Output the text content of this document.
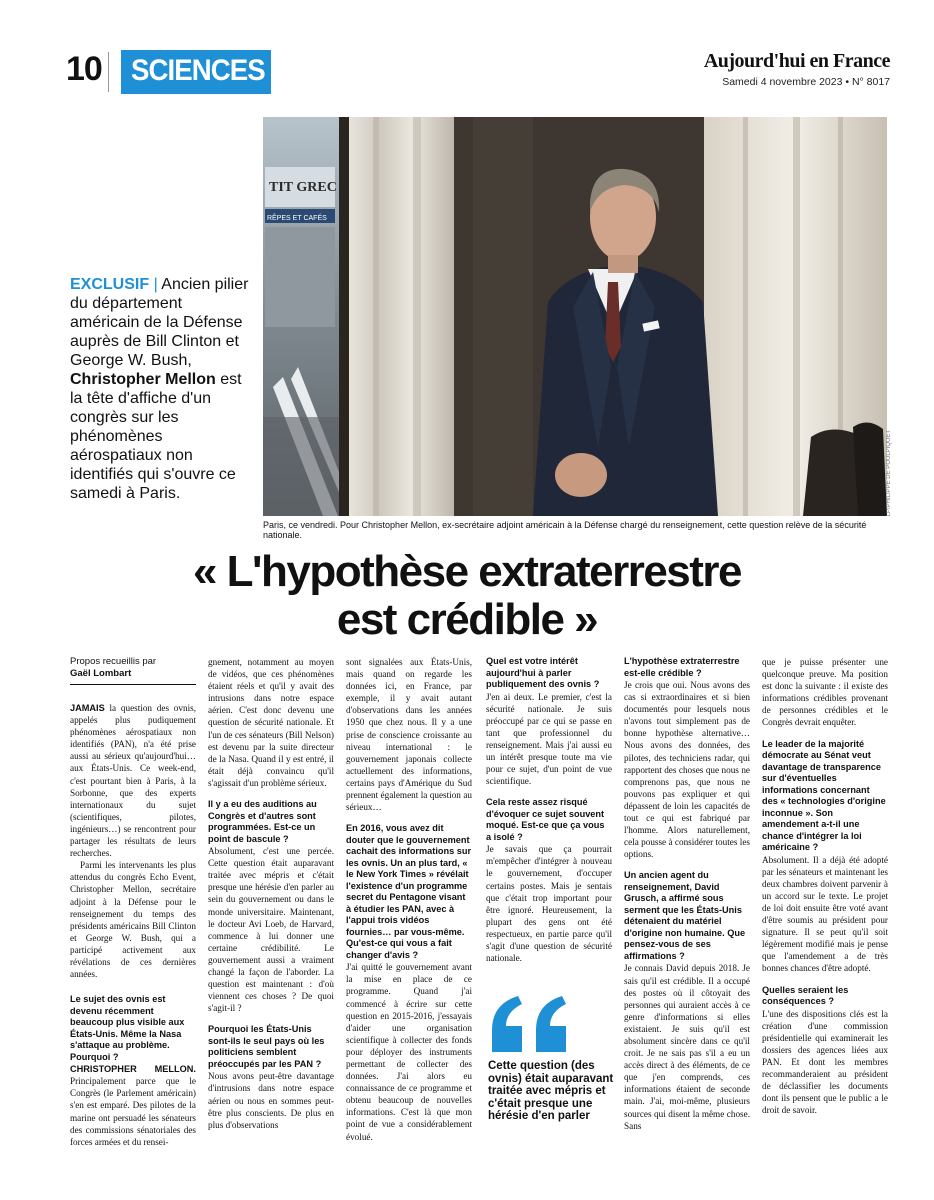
10 SCIENCES	Aujourd'hui en France
Samedi 4 novembre 2023 • N° 8017
EXCLUSIF | Ancien pilier du département américain de la Défense auprès de Bill Clinton et George W. Bush, Christopher Mellon est la tête d'affiche d'un congrès sur les phénomènes aérospatiaux non identifiés qui s'ouvre ce samedi à Paris.
TIT GREC
RÊPES ET CAFÉS
LP/PHILIPPE DE POULPIQUET
Paris, ce vendredi. Pour Christopher Mellon, ex-secrétaire adjoint américain à la Défense chargé du renseignement, cette question relève de la sécurité nationale.
« L'hypothèse extraterrestre
est crédible »
Propos recueillis par
Gaël Lombart

JAMAIS la question des ovnis, appelés plus pudiquement phénomènes aérospatiaux non identifiés (PAN), n'a été prise aussi au sérieux qu'aujourd'hui… aux États-Unis. Ce week-end, c'est pourtant bien à Paris, à la Sorbonne, que des experts internationaux du sujet (scientifiques, pilotes, ingénieurs…) se rencontrent pour partager les résultats de leurs recherches.

Parmi les intervenants les plus attendus du congrès Echo Event, Christopher Mellon, secrétaire adjoint à la Défense pour le renseignement du temps des présidents américains Bill Clinton et George W. Bush, qui a participé activement aux révélations de ces dernières années.

Le sujet des ovnis est devenu récemment beaucoup plus visible aux États-Unis. Même la Nasa s'attaque au problème. Pourquoi ?

CHRISTOPHER MELLON. Principalement parce que le Congrès (le Parlement américain) s'en est emparé. Des pilotes de la marine ont persuadé les sénateurs des commissions sénatoriales des forces armées et du rensei-

gnement, notamment au moyen de vidéos, que ces phénomènes étaient réels et qu'il y avait des intrusions dans notre espace aérien. C'est donc devenu une question de sécurité nationale. Et l'un de ces sénateurs (Bill Nelson) est devenu par la suite directeur de la Nasa. Quand il y est entré, il était déjà convaincu qu'il s'agissait d'un problème sérieux.

Il y a eu des auditions au Congrès et d'autres sont programmées. Est-ce un point de bascule ?

Absolument, c'est une percée. Cette question était auparavant traitée avec mépris et c'était presque une hérésie d'en parler au sein du gouvernement ou dans le monde universitaire. Maintenant, le docteur Avi Loeb, de Harvard, commence à lui donner une certaine crédibilité. Le gouvernement aussi a vraiment changé la façon de l'aborder. La question est maintenant : d'où viennent ces choses ? De quoi s'agit-il ?

Pourquoi les États-Unis sont-ils le seul pays où les politiciens semblent préoccupés par les PAN ?

Nous avons peut-être davantage d'intrusions dans notre espace aérien ou nous en sommes peut-être plus conscients. De plus en plus d'observations

sont signalées aux États-Unis, mais quand on regarde les données ici, en France, par exemple, il y avait autant d'observations dans les années 1950 que chez nous. Il y a une prise de conscience croissante au niveau international : le gouvernement japonais collecte actuellement des informations, certains pays d'Amérique du Sud prennent également la question au sérieux…

En 2016, vous avez dit douter que le gouvernement cachait des informations sur les ovnis. Un an plus tard, « le New York Times » révélait l'existence d'un programme secret du Pentagone visant à étudier les PAN, avec à l'appui trois vidéos fournies… par vous-même. Qu'est-ce qui vous a fait changer d'avis ?

J'ai quitté le gouvernement avant la mise en place de ce programme. Quand j'ai commencé à écrire sur cette question en 2015-2016, j'essayais d'aider une organisation scientifique à collecter des fonds pour déployer des instruments permettant de collecter des données. J'ai alors eu connaissance de ce programme et obtenu beaucoup de nouvelles informations. C'est là que mon point de vue a considérablement évolué.

Quel est votre intérêt aujourd'hui à parler publiquement des ovnis ?

J'en ai deux. Le premier, c'est la sécurité nationale. Je suis préoccupé par ce qui se passe en tant que professionnel du renseignement. Mais j'ai aussi eu un intérêt presque toute ma vie pour ce sujet, d'un point de vue scientifique.

Cela reste assez risqué d'évoquer ce sujet souvent moqué. Est-ce que ça vous a isolé ?

Je savais que ça pourrait m'empêcher d'intégrer à nouveau le gouvernement, d'occuper certains postes. Mais je sentais que c'était trop important pour être ignoré. Heureusement, la plupart des gens ont été respectueux, en partie parce qu'il s'agit d'une question de sécurité nationale.

Cette question (des ovnis) était auparavant traitée avec mépris et c'était presque une hérésie d'en parler

L'hypothèse extraterrestre est-elle crédible ?

Je crois que oui. Nous avons des cas si extraordinaires et si bien documentés pour lesquels nous n'avons tout simplement pas de bonne hypothèse alternative… Nous avons des données, des pilotes, des techniciens radar, qui rapportent des choses que nous ne comprenons pas, que nous ne pouvons pas expliquer et qui dépassent de loin les capacités de tout ce qui est fabriqué par l'homme. Alors naturellement, cela pousse à considérer toutes les options.

Un ancien agent du renseignement, David Grusch, a affirmé sous serment que les États-Unis détenaient du matériel d'origine non humaine. Que pensez-vous de ses affirmations ?

Je connais David depuis 2018. Je sais qu'il est crédible. Il a occupé des postes où il côtoyait des personnes qui auraient accès à ce genre d'informations si elles existaient. Je suis qu'il est absolument sincère dans ce qu'il croit. Je ne sais pas s'il a eu un accès direct à des éléments, de ce que j'en comprends, ces informations étaient de seconde main. J'ai, moi-même, plusieurs sources qui disent la même chose. Sans

que je puisse présenter une quelconque preuve. Ma position est donc la suivante : il existe des informations crédibles provenant de personnes crédibles et le Congrès devrait enquêter.

Le leader de la majorité démocrate au Sénat veut davantage de transparence sur d'éventuelles informations concernant des « technologies d'origine inconnue ». Son amendement a-t-il une chance d'intégrer la loi américaine ?

Absolument. Il a déjà été adopté par les sénateurs et maintenant les deux chambres doivent parvenir à un accord sur le texte. Le projet de loi doit ensuite être voté avant d'être soumis au président pour signature. Il se peut qu'il soit légèrement modifié mais je pense que l'amendement a de très bonnes chances d'être adopté.

Quelles seraient les conséquences ?

L'une des dispositions clés est la création d'une commission présidentielle qui examinerait les dossiers des agences liées aux PAN. Et dont les membres recommanderaient au président de déclassifier les documents dont ils pensent que le public a le droit de savoir.
